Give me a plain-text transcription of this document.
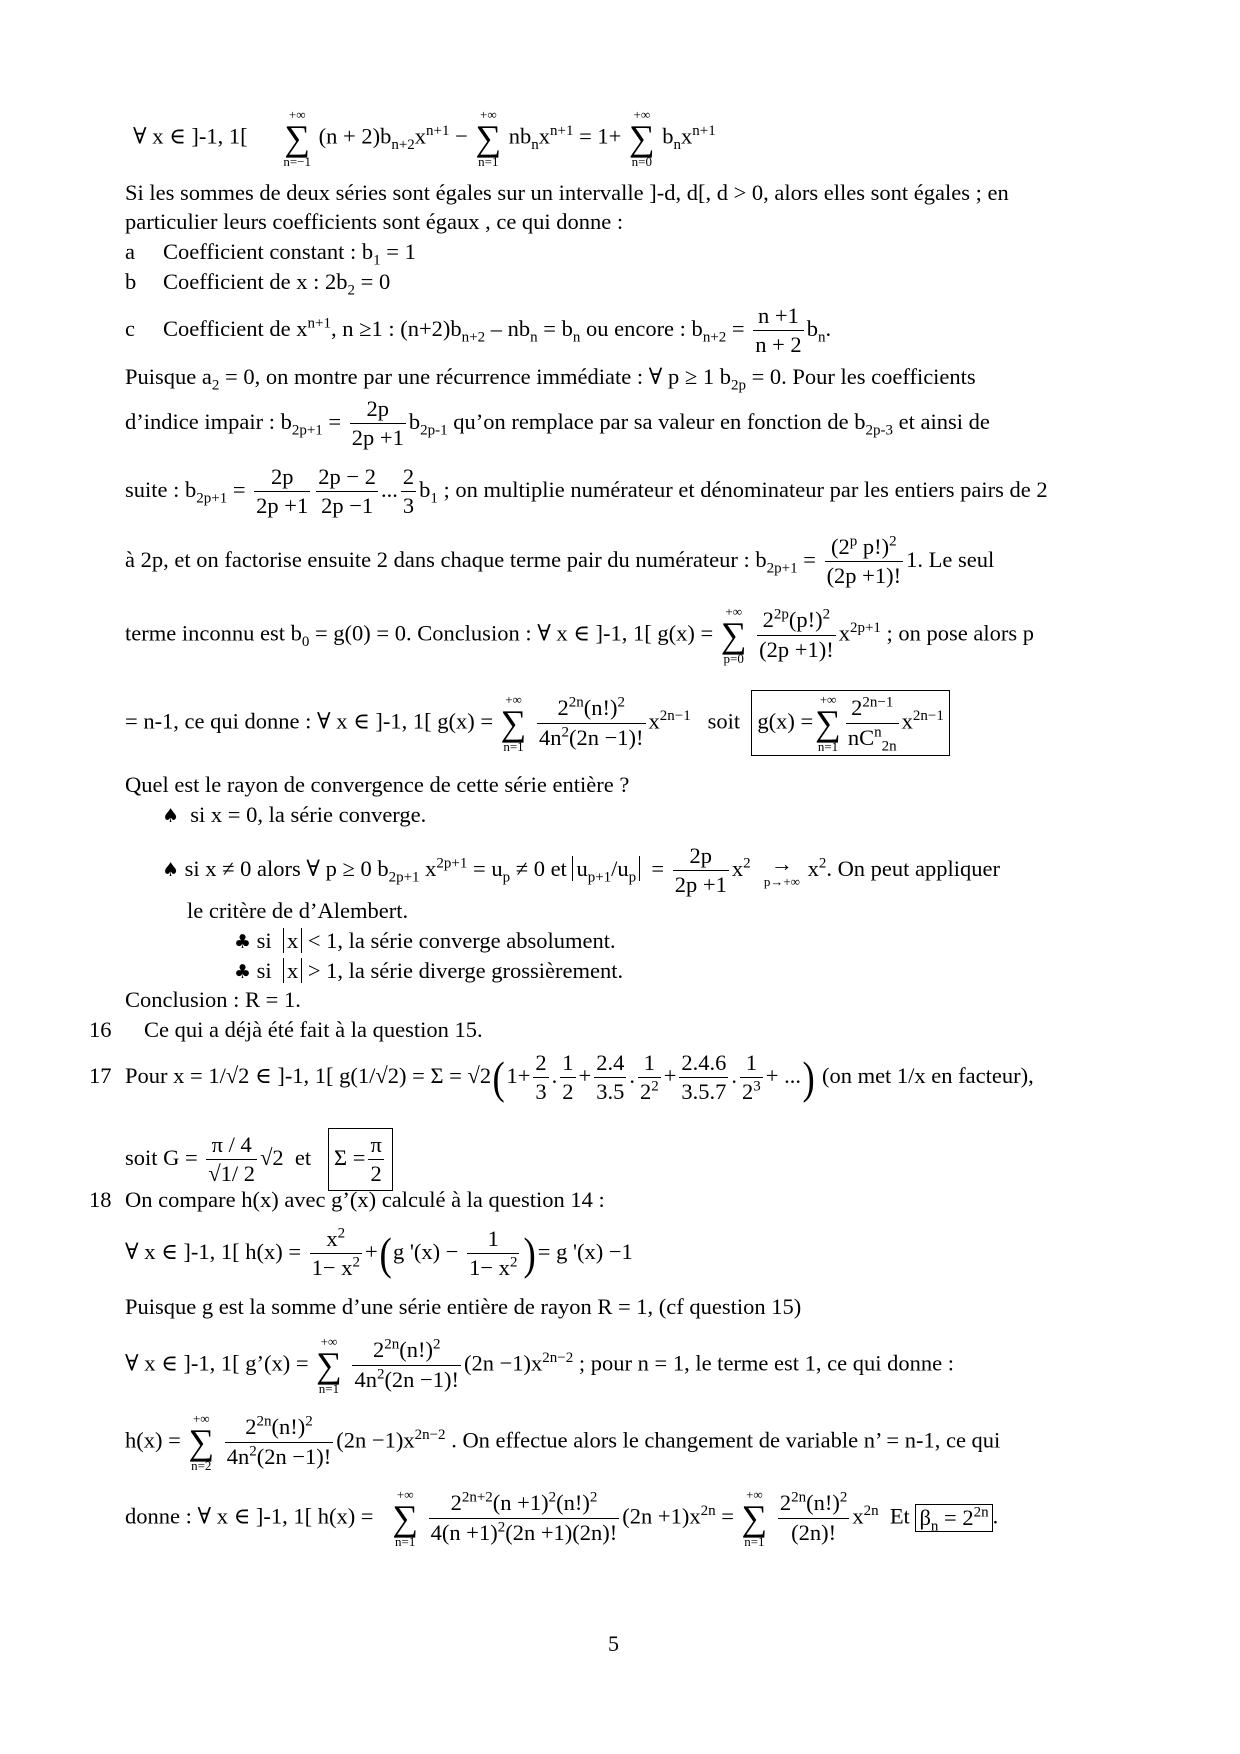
∀ x ∈ ]-1, 1[
+∞
∑
n=−1
$(n + 2)b_{n+2}x^{n+1}$ −
+∞
∑
n=1
$nb_nx^{n+1} = 1+$
+∞
∑
n=0
$b_nx^{n+1}$
Si les sommes de deux séries sont égales sur un intervalle ]-d, d[, d > 0, alors elles sont égales ; en
particulier leurs coefficients sont égaux , ce qui donne :
a Coefficient constant : $b_1 = 1$
b Coefficient de x : $2b_2 = 0$
c Coefficient de $x^{n+1}$, n ≥1 : $(n+2)b_{n+2} - nb_n = b_n$ ou encore : $b_{n+2} = \frac{n +1}{n + 2} b_n$.
Puisque $a_2 = 0$, on montre par une récurrence immédiate : ∀ p ≥ 1 $b_{2p} = 0$. Pour les coefficients
d’indice impair : $b_{2p+1} = \frac{2p}{2p +1} b_{2p-1}$ qu’on remplace par sa valeur en fonction de $b_{2p-3}$ et ainsi de
suite : $b_{2p+1} = \frac{2p}{2p +1} \frac{2p - 2}{2p -1}$ ... $\frac{2}{3} b_1$ ; on multiplie numérateur et dénominateur par les entiers pairs de 2
à 2p, et on factorise ensuite 2 dans chaque terme pair du numérateur : $b_{2p+1} = \frac{(2^p p!)^2}{(2p +1)!} 1$. Le seul
terme inconnu est $b_0 = g(0) = 0$. Conclusion : ∀ x ∈ ]-1, 1[ g(x) =
+∞
∑
p=0
$\frac{2^{2p}(p!)^2}{(2p +1)!} x^{2p+1}$ ; on pose alors p
= n-1, ce qui donne : ∀ x ∈ ]-1, 1[ g(x) =
+∞
∑
n=1
$\frac{2^{2n}(n!)^2}{4n^2(2n -1)!} x^{2n-1}$ soit g(x) =
+∞
∑
$n=1 \frac{2^{2n-1}}{nC^n_{2n}} x^{2n-1}$
Quel est le rayon de convergence de cette série entière ?
♠ si x = 0, la série converge.
♠ si x ≠ 0 alors ∀ p ≥ 0 $b_{2p+1}$ $x^{2p+1} = u_p \ne 0$ et $u_{p+1}/u_p = \frac{2p}{2p +1} x^2$ →
p→+∞
$x^2$. On peut appliquer
le critère de d’Alembert.
♣ si  x < 1, la série converge absolument.
♣ si  x > 1, la série diverge grossièrement.
Conclusion : R = 1.
16 Ce qui a déjà été fait à la question 15.
17 Pour x = 1/√2 ∈ ]-1, 1[ $g(1/√2) = \Sigma = √2(1+ \frac{2}{3}$ . $\frac{1}{2} + \frac{2.4}{3.5}$ . $\frac{1}{2^2} + \frac{2.4.6}{3.5.7}$ . $\frac{1}{2^3}$ + ...) (on met 1/x en facteur),
soit $G = \frac{\pi / 4}{√1/ 2} √2$ et $\Sigma = \frac{\pi}{2}$
18 On compare h(x) avec g’(x) calculé à la question 14 :
∀ x ∈ ]-1, 1[ $h(x) = \frac{x^2}{1- x^2} +(g$ '$(x) - \frac{1}{1- x^2}$ )= g '(x) −1
Puisque g est la somme d’une série entière de rayon R = 1, (cf question 15)
∀ x ∈ ]-1, 1[ g’(x) =
+∞
∑
n=1
$\frac{2^{2n}(n!)^2}{4n^2(2n -1)!} (2n -1)x^{2n-2}$ ; pour n = 1, le terme est 1, ce qui donne :
h(x) =
+∞
∑
n=2
$\frac{2^{2n}(n!)^2}{4n^2(2n -1)!} (2n -1)x^{2n-2}$ . On effectue alors le changement de variable n’ = n-1, ce qui
donne : ∀ x ∈ ]-1, 1[ h(x) =
+∞
∑
n=1
$\frac{2^{2n+2}(n +1)^2(n!)^2}{4(n +1)^2(2n +1)(2n)!} (2n +1)x^{2n}$ =
+∞
∑
n=1
$\frac{2^{2n}(n!)^2}{(2n)!} x^{2n}$ Et $\beta_n = 2^{2n}$ .
5
